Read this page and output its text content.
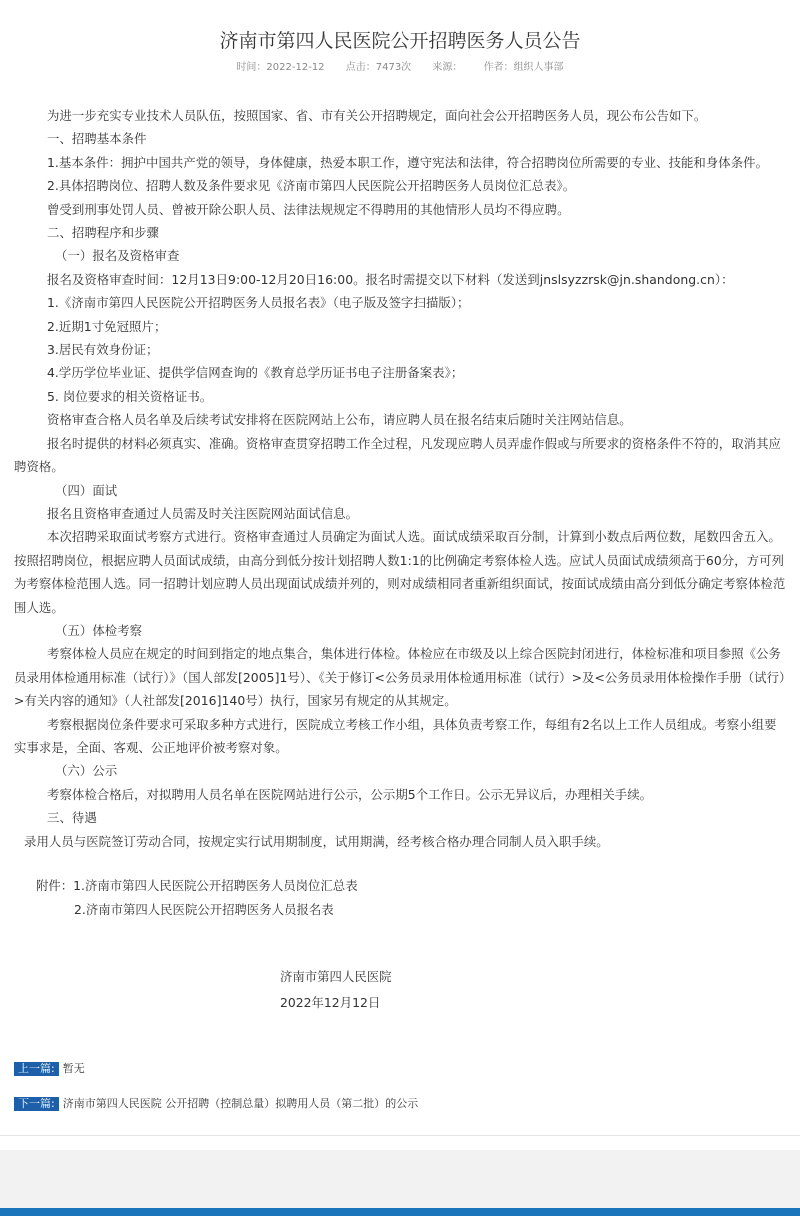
济南市第四人民医院公开招聘医务人员公告
时间：2022-12-12 点击：7473次 来源： 作者：组织人事部

为进一步充实专业技术人员队伍，按照国家、省、市有关公开招聘规定，面向社会公开招聘医务人员，现公布公告如下。

一、招聘基本条件

1.基本条件：拥护中国共产党的领导，身体健康，热爱本职工作，遵守宪法和法律，符合招聘岗位所需要的专业、技能和身体条件。

2.具体招聘岗位、招聘人数及条件要求见《济南市第四人民医院公开招聘医务人员岗位汇总表》。

曾受到刑事处罚人员、曾被开除公职人员、法律法规规定不得聘用的其他情形人员均不得应聘。

二、招聘程序和步骤

（一）报名及资格审查

报名及资格审查时间：12月13日9:00-12月20日16:00。报名时需提交以下材料（发送到jnslsyzzrsk@jn.shandong.cn）：

1.《济南市第四人民医院公开招聘医务人员报名表》（电子版及签字扫描版）；

2.近期1寸免冠照片；

3.居民有效身份证；

4.学历学位毕业证、提供学信网查询的《教育总学历证书电子注册备案表》；

5. 岗位要求的相关资格证书。

资格审查合格人员名单及后续考试安排将在医院网站上公布，请应聘人员在报名结束后随时关注网站信息。

报名时提供的材料必须真实、准确。资格审查贯穿招聘工作全过程，凡发现应聘人员弄虚作假或与所要求的资格条件不符的，取消其应聘资格。

（四）面试

报名且资格审查通过人员需及时关注医院网站面试信息。

本次招聘采取面试考察方式进行。资格审查通过人员确定为面试人选。面试成绩采取百分制，计算到小数点后两位数，尾数四舍五入。按照招聘岗位，根据应聘人员面试成绩，由高分到低分按计划招聘人数1:1的比例确定考察体检人选。应试人员面试成绩须高于60分，方可列为考察体检范围人选。同一招聘计划应聘人员出现面试成绩并列的，则对成绩相同者重新组织面试，按面试成绩由高分到低分确定考察体检范围人选。

（五）体检考察

考察体检人员应在规定的时间到指定的地点集合，集体进行体检。体检应在市级及以上综合医院封闭进行，体检标准和项目参照《公务员录用体检通用标准（试行）》（国人部发[2005]1号）、《关于修订<公务员录用体检通用标准（试行）>及<公务员录用体检操作手册（试行）>有关内容的通知》（人社部发[2016]140号）执行，国家另有规定的从其规定。

考察根据岗位条件要求可采取多种方式进行，医院成立考核工作小组，具体负责考察工作，每组有2名以上工作人员组成。考察小组要实事求是，全面、客观、公正地评价被考察对象。

（六）公示

考察体检合格后，对拟聘用人员名单在医院网站进行公示，公示期5个工作日。公示无异议后，办理相关手续。

三、待遇

录用人员与医院签订劳动合同，按规定实行试用期制度，试用期满，经考核合格办理合同制人员入职手续。

附件：1.济南市第四人民医院公开招聘医务人员岗位汇总表
2.济南市第四人民医院公开招聘医务人员报名表
济南市第四人民医院
2022年12月12日
上一篇: 暂无
下一篇: 济南市第四人民医院 公开招聘（控制总量）拟聘用人员（第二批）的公示
